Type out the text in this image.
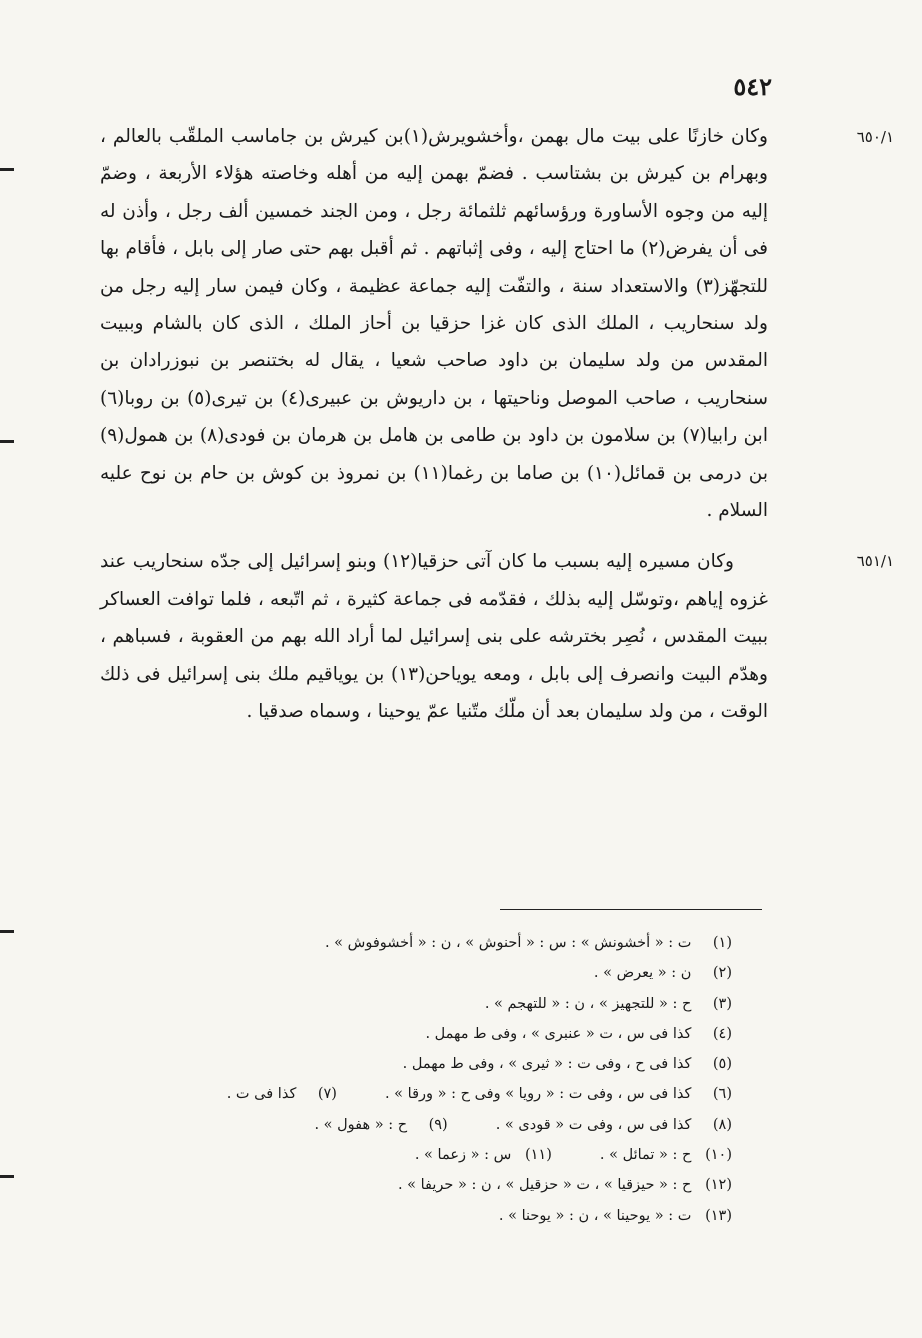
٥٤٢
٦٥٠/١
٦٥١/١

وكان خازنًا على بيت مال بهمن ،وأخشويرش(١)بن كيرش بن جاماسب الملقّب بالعالم ، وبهرام بن كيرش بن بشتاسب . فضمّ بهمن إليه من أهله وخاصته هؤلاء الأربعة ، وضمّ إليه من وجوه الأساورة ورؤسائهم ثلثمائة رجل ، ومن الجند خمسين ألف رجل ، وأذن له فى أن يفرض(٢) ما احتاج إليه ، وفى إثباتهم . ثم أقبل بهم حتى صار إلى بابل ، فأقام بها للتجهّز(٣) والاستعداد سنة ، والتفّت إليه جماعة عظيمة ، وكان فيمن سار إليه رجل من ولد سنحاريب ، الملك الذى كان غزا حزقيا بن أحاز الملك ، الذى كان بالشام وببيت المقدس من ولد سليمان بن داود صاحب شعيا ، يقال له بختنصر بن نبوزرادان بن سنحاريب ، صاحب الموصل وناحيتها ، بن داريوش بن عبيرى(٤) بن تيرى(٥) بن روبا(٦) ابن رابيا(٧) بن سلامون بن داود بن طامى بن هامل بن هرمان بن فودى(٨) بن همول(٩) بن درمى بن قمائل(١٠) بن صاما بن رغما(١١) بن نمروذ بن كوش بن حام بن نوح عليه السلام .

وكان مسيره إليه بسبب ما كان آتى حزقيا(١٢) وبنو إسرائيل إلى جدّه سنحاريب عند غزوه إياهم ،وتوسّل إليه بذلك ، فقدّمه فى جماعة كثيرة ، ثم اتّبعه ، فلما توافت العساكر ببيت المقدس ، نُصِر بخترشه على بنى إسرائيل لما أراد الله بهم من العقوبة ، فسباهم ، وهدّم البيت وانصرف إلى بابل ، ومعه يوياحن(١٣) بن يوياقيم ملك بنى إسرائيل فى ذلك الوقت ، من ولد سليمان بعد أن ملّك متّنيا عمّ يوحينا ، وسماه صدقيا .

(١) ت : « أخشونش » : س : « أحنوش » ، ن : « أخشوفوش » .
(٢) ن : « يعرض » .
(٣) ح : « للتجهيز » ، ن : « للتهجم » .
(٤) كذا فى س ، ت « عنبرى » ، وفى ط مهمل .
(٥) كذا فى ح ، وفى ت : « ثيرى » ، وفى ط مهمل .
(٦) كذا فى س ، وفى ت : « رويا » وفى ح : « ورقا » .
(٧) كذا فى ت .
(٨) كذا فى س ، وفى ت « قودى » .
(٩) ح : « هفول » .
(١٠) ح : « تمائل » .
(١١) س : « زعما » .
(١٢) ح : « حيزقيا » ، ت « حزقيل » ، ن : « حريفا » .
(١٣) ت : « يوحينا » ، ن : « يوحنا » .
